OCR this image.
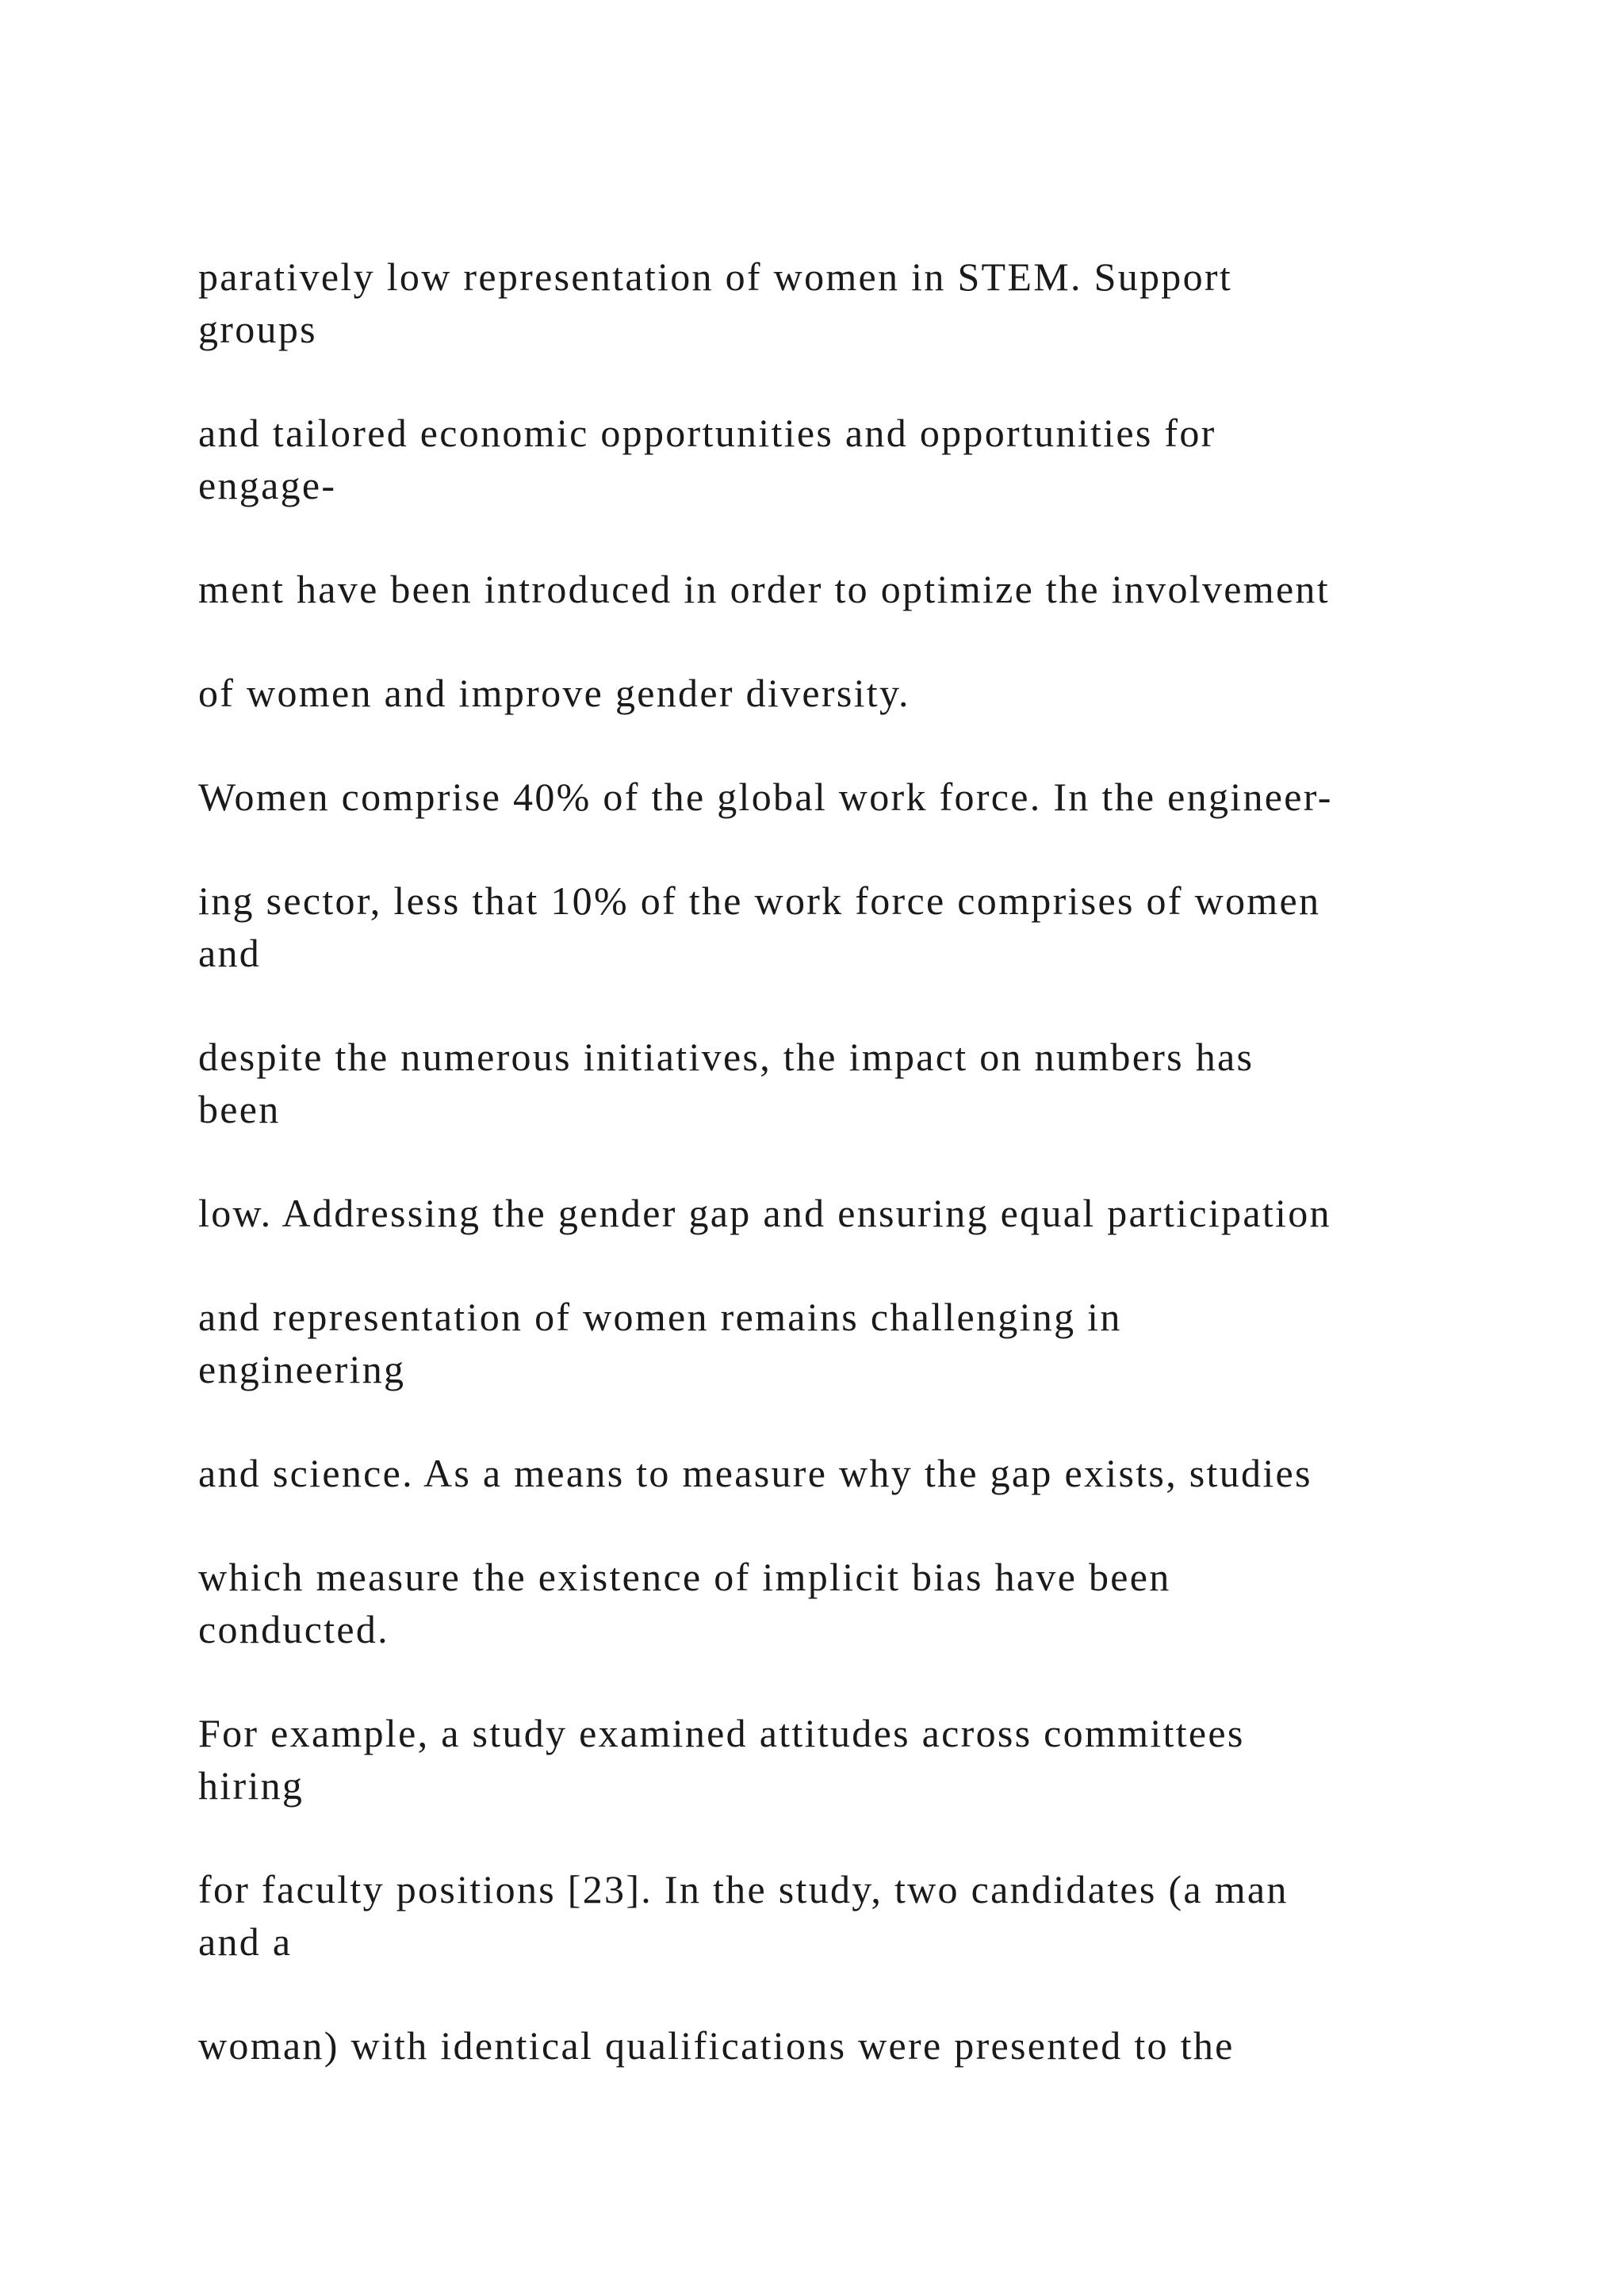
paratively low representation of women in STEM. Support
groups

and tailored economic opportunities and opportunities for
engage-

ment have been introduced in order to optimize the involvement

of women and improve gender diversity.

Women comprise 40% of the global work force. In the engineer-

ing sector, less that 10% of the work force comprises of women
and

despite the numerous initiatives, the impact on numbers has
been

low. Addressing the gender gap and ensuring equal participation

and representation of women remains challenging in
engineering

and science. As a means to measure why the gap exists, studies

which measure the existence of implicit bias have been
conducted.

For example, a study examined attitudes across committees
hiring

for faculty positions [23]. In the study, two candidates (a man
and a

woman) with identical qualifications were presented to the
